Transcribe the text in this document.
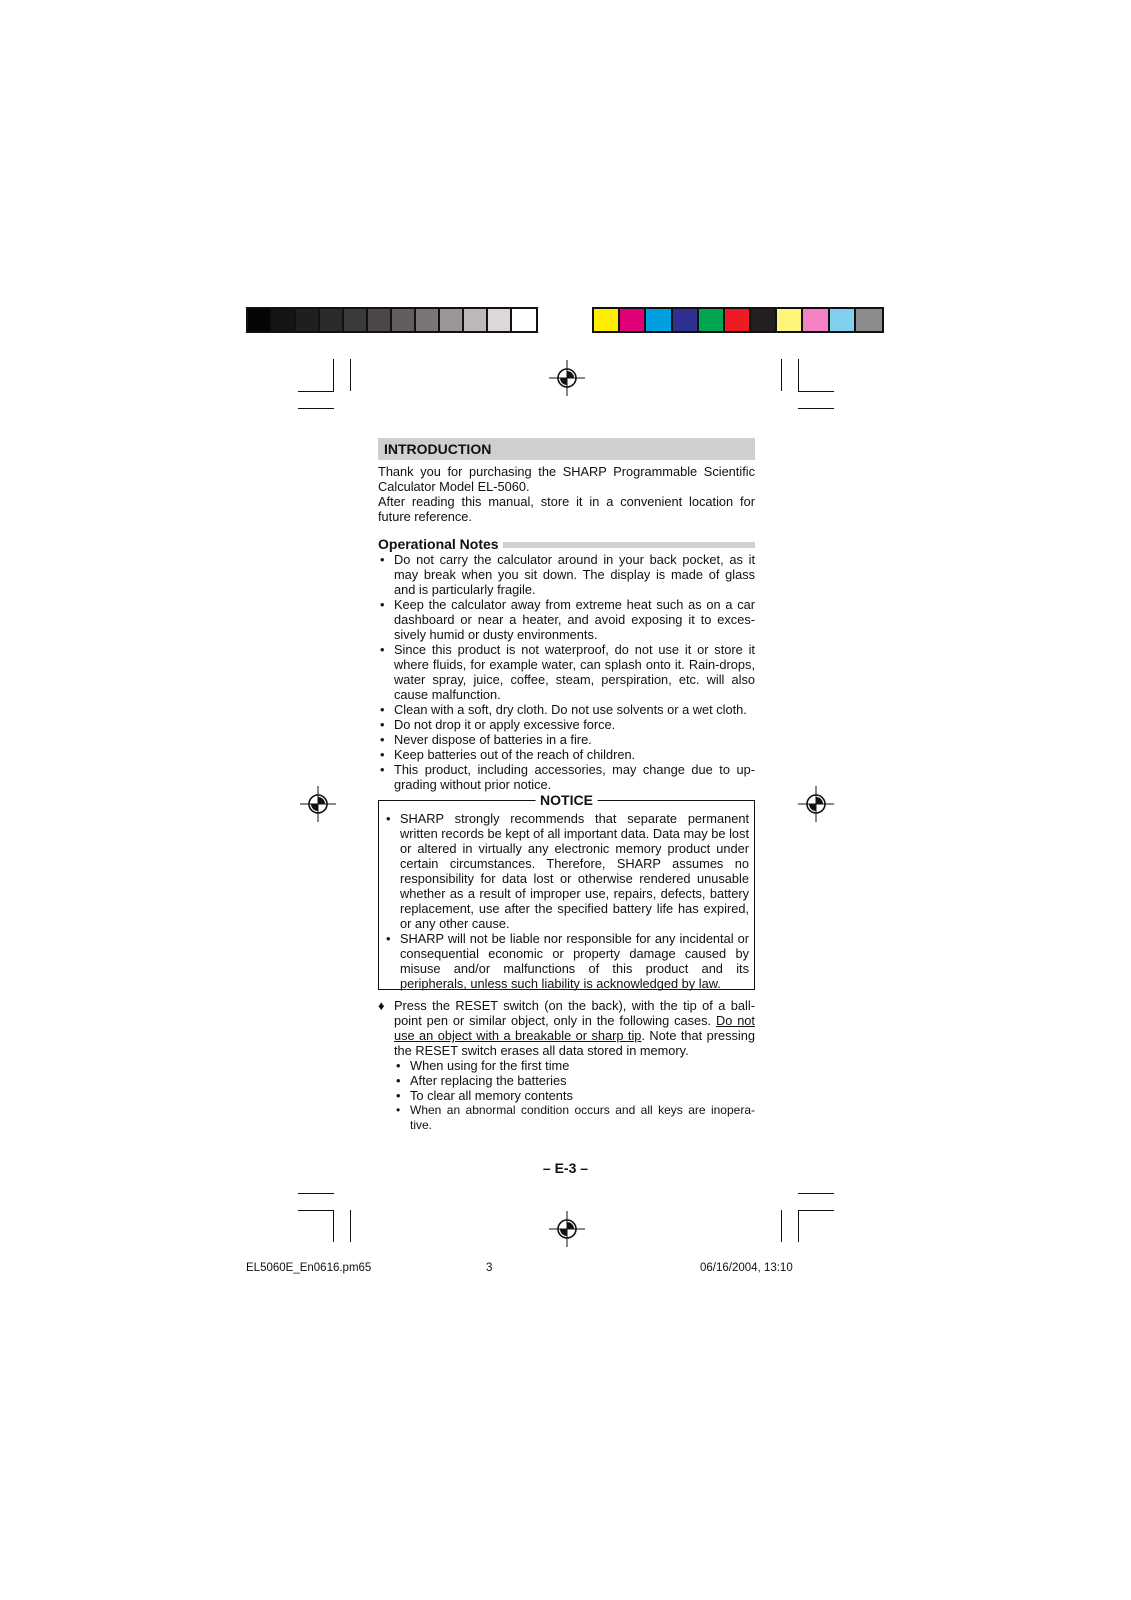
INTRODUCTION

Thank you for purchasing the SHARP Programmable Scientific Calculator Model EL-5060.

After reading this manual, store it in a convenient location for future reference.

Operational Notes
• Do not carry the calculator around in your back pocket, as it may break when you sit down. The display is made of glass and is particularly fragile.
• Keep the calculator away from extreme heat such as on a car dashboard or near a heater, and avoid exposing it to exces-sively humid or dusty environments.
• Since this product is not waterproof, do not use it or store it where fluids, for example water, can splash onto it. Rain-drops, water spray, juice, coffee, steam, perspiration, etc. will also cause malfunction.
• Clean with a soft, dry cloth. Do not use solvents or a wet cloth.
• Do not drop it or apply excessive force.
• Never dispose of batteries in a fire.
• Keep batteries out of the reach of children.
• This product, including accessories, may change due to up-grading without prior notice.
NOTICE
• SHARP strongly recommends that separate permanent written records be kept of all important data. Data may be lost or altered in virtually any electronic memory product under certain circumstances. Therefore, SHARP assumes no responsibility for data lost or otherwise rendered unusable whether as a result of improper use, repairs, defects, battery replacement, use after the specified battery life has expired, or any other cause.
• SHARP will not be liable nor responsible for any incidental or consequential economic or property damage caused by misuse and/or malfunctions of this product and its peripherals, unless such liability is acknowledged by law.
♦ Press the RESET switch (on the back), with the tip of a ball-point pen or similar object, only in the following cases. Do not use an object with a breakable or sharp tip. Note that pressing the RESET switch erases all data stored in memory.
• When using for the first time
• After replacing the batteries
• To clear all memory contents
• When an abnormal condition occurs and all keys are inopera-tive.
– E-3 –
EL5060E_En0616.pm65	3	06/16/2004, 13:10
